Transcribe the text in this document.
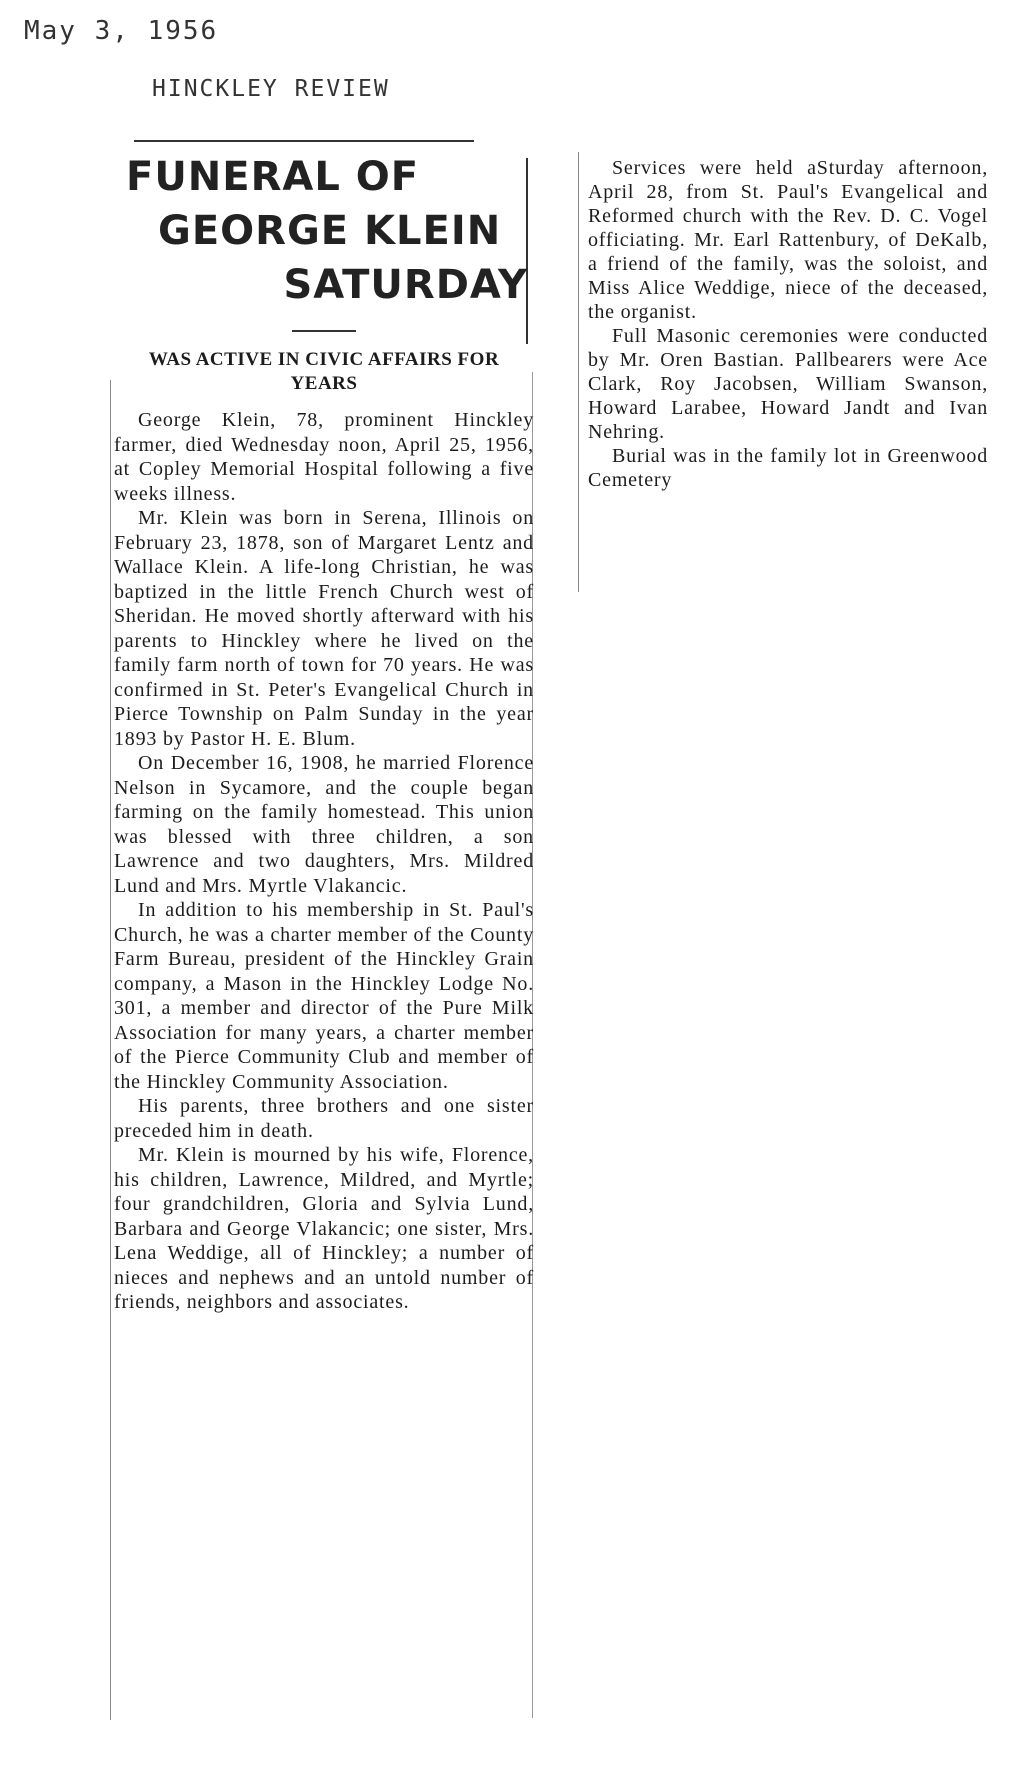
May 3, 1956
HINCKLEY REVIEW
FUNERAL OF
GEORGE KLEIN
SATURDAY
WAS ACTIVE IN CIVIC AFFAIRS FOR YEARS

George Klein, 78, prominent Hinckley farmer, died Wednesday noon, April 25, 1956, at Copley Memorial Hospital following a five weeks illness.

Mr. Klein was born in Serena, Illinois on February 23, 1878, son of Margaret Lentz and Wallace Klein. A life-long Christian, he was baptized in the little French Church west of Sheridan. He moved shortly afterward with his parents to Hinckley where he lived on the family farm north of town for 70 years. He was confirmed in St. Peter's Evangelical Church in Pierce Township on Palm Sunday in the year 1893 by Pastor H. E. Blum.

On December 16, 1908, he married Florence Nelson in Sycamore, and the couple began farming on the family homestead. This union was blessed with three children, a son Lawrence and two daughters, Mrs. Mildred Lund and Mrs. Myrtle Vlakancic.

In addition to his membership in St. Paul's Church, he was a charter member of the County Farm Bureau, president of the Hinckley Grain company, a Mason in the Hinckley Lodge No. 301, a member and director of the Pure Milk Association for many years, a charter member of the Pierce Community Club and member of the Hinckley Community Association.

His parents, three brothers and one sister preceded him in death.

Mr. Klein is mourned by his wife, Florence, his children, Lawrence, Mildred, and Myrtle; four grandchildren, Gloria and Sylvia Lund, Barbara and George Vlakancic; one sister, Mrs. Lena Weddige, all of Hinckley; a number of nieces and nephews and an untold number of friends, neighbors and associates.

Services were held aSturday afternoon, April 28, from St. Paul's Evangelical and Reformed church with the Rev. D. C. Vogel officiating. Mr. Earl Rattenbury, of DeKalb, a friend of the family, was the soloist, and Miss Alice Weddige, niece of the deceased, the organist.

Full Masonic ceremonies were conducted by Mr. Oren Bastian. Pallbearers were Ace Clark, Roy Jacobsen, William Swanson, Howard Larabee, Howard Jandt and Ivan Nehring.

Burial was in the family lot in Greenwood Cemetery
